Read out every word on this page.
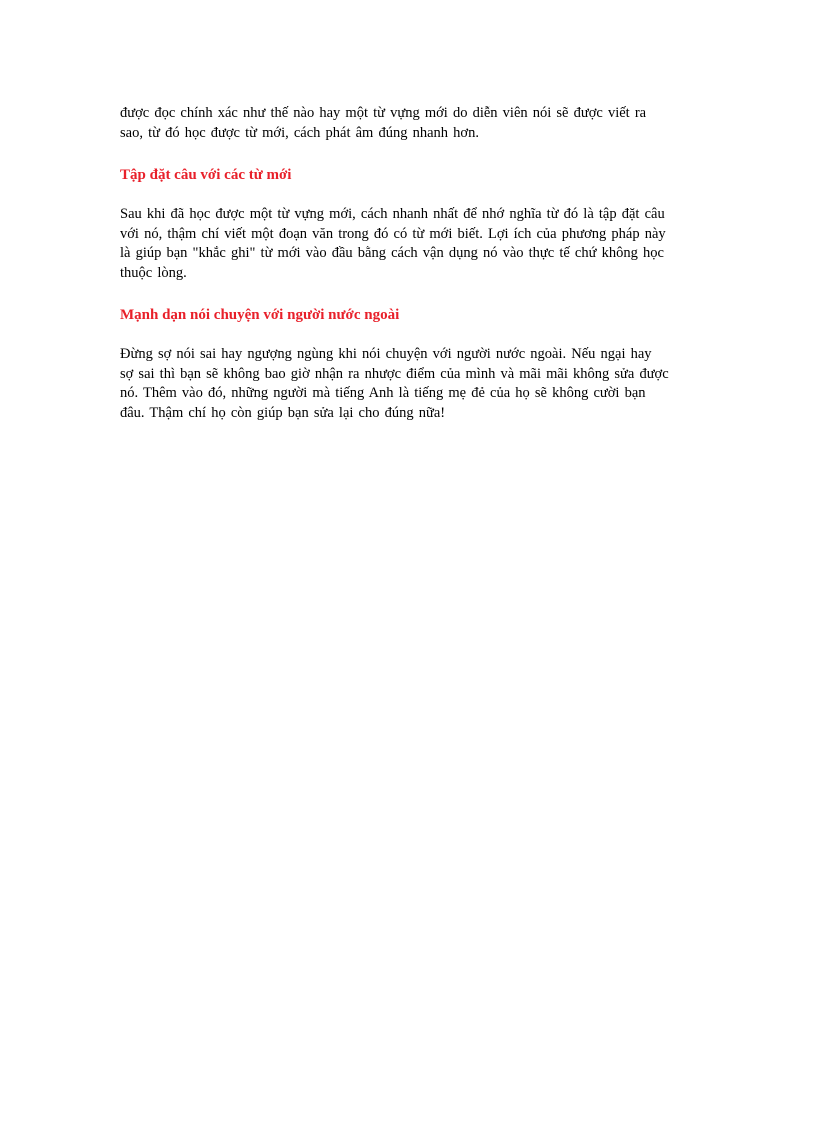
được đọc chính xác như thế nào hay một từ vựng mới do diễn viên nói sẽ được viết ra
sao, từ đó học được từ mới, cách phát âm đúng nhanh hơn.

Tập đặt câu với các từ mới

Sau khi đã học được một từ vựng mới, cách nhanh nhất để nhớ nghĩa từ đó là tập đặt câu
với nó, thậm chí viết một đoạn văn trong đó có từ mới biết. Lợi ích của phương pháp này
là giúp bạn "khắc ghi" từ mới vào đầu bằng cách vận dụng nó vào thực tế chứ không học
thuộc lòng.

Mạnh dạn nói chuyện với người nước ngoài

Đừng sợ nói sai hay ngượng ngùng khi nói chuyện với người nước ngoài. Nếu ngại hay
sợ sai thì bạn sẽ không bao giờ nhận ra nhược điểm của mình và mãi mãi không sửa được
nó. Thêm vào đó, những người mà tiếng Anh là tiếng mẹ đẻ của họ sẽ không cười bạn
đâu. Thậm chí họ còn giúp bạn sửa lại cho đúng nữa!
